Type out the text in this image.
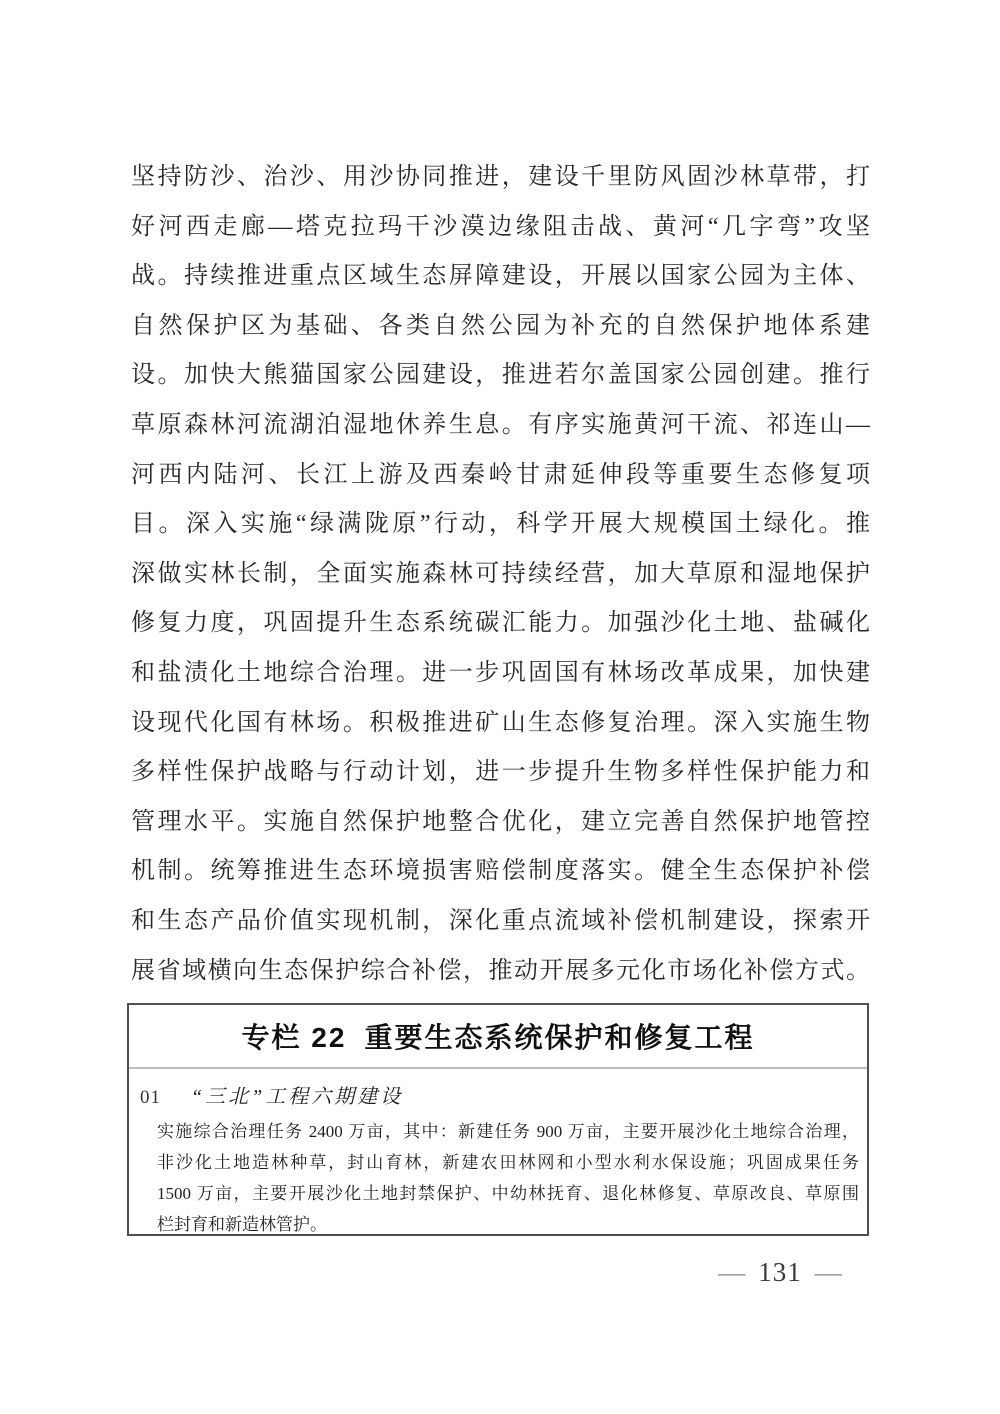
坚持防沙、治沙、用沙协同推进，建设千里防风固沙林草带，打
好河西走廊—塔克拉玛干沙漠边缘阻击战、黄河“几字弯”攻坚
战。持续推进重点区域生态屏障建设，开展以国家公园为主体、
自然保护区为基础、各类自然公园为补充的自然保护地体系建
设。加快大熊猫国家公园建设，推进若尔盖国家公园创建。推行
草原森林河流湖泊湿地休养生息。有序实施黄河干流、祁连山—
河西内陆河、长江上游及西秦岭甘肃延伸段等重要生态修复项
目。深入实施“绿满陇原”行动，科学开展大规模国土绿化。推
深做实林长制，全面实施森林可持续经营，加大草原和湿地保护
修复力度，巩固提升生态系统碳汇能力。加强沙化土地、盐碱化
和盐渍化土地综合治理。进一步巩固国有林场改革成果，加快建
设现代化国有林场。积极推进矿山生态修复治理。深入实施生物
多样性保护战略与行动计划，进一步提升生物多样性保护能力和
管理水平。实施自然保护地整合优化，建立完善自然保护地管控
机制。统筹推进生态环境损害赔偿制度落实。健全生态保护补偿
和生态产品价值实现机制，深化重点流域补偿机制建设，探索开
展省域横向生态保护综合补偿，推动开展多元化市场化补偿方式。
专栏 22 重要生态系统保护和修复工程
01 “三北”工程六期建设
实施综合治理任务 2400 万亩，其中：新建任务 900 万亩，主要开展沙化土地综合治理，
非沙化土地造林种草，封山育林，新建农田林网和小型水利水保设施；巩固成果任务
1500 万亩，主要开展沙化土地封禁保护、中幼林抚育、退化林修复、草原改良、草原围
栏封育和新造林管护。
— 131 —
